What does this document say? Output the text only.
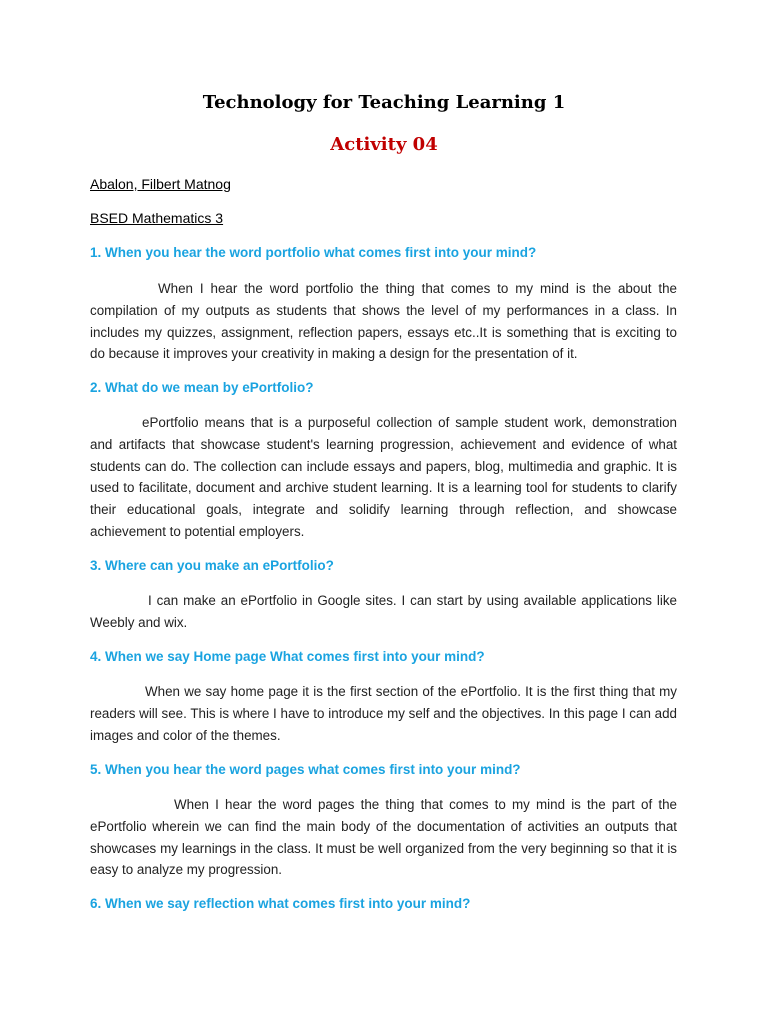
Technology for Teaching Learning 1
Activity 04

Abalon, Filbert Matnog

BSED Mathematics 3

1. When you hear the word portfolio what comes first into your mind?

When I hear the word portfolio the thing that comes to my mind is the about the compilation of my outputs as students that shows the level of my performances in a class. In includes my quizzes, assignment, reflection papers, essays etc..It is something that is exciting to do because it improves your creativity in making a design for the presentation of it.

2. What do we mean by ePortfolio?

ePortfolio means that is a purposeful collection of sample student work, demonstration and artifacts that showcase student's learning progression, achievement and evidence of what students can do. The collection can include essays and papers, blog, multimedia and graphic. It is used to facilitate, document and archive student learning. It is a learning tool for students to clarify their educational goals, integrate and solidify learning through reflection, and showcase achievement to potential employers.

3. Where can you make an ePortfolio?

I can make an ePortfolio in Google sites. I can start by using available applications like Weebly and wix.

4. When we say Home page What comes first into your mind?

When we say home page it is the first section of the ePortfolio. It is the first thing that my readers will see. This is where I have to introduce my self and the objectives. In this page I can add images and color of the themes.

5. When you hear the word pages what comes first into your mind?

When I hear the word pages the thing that comes to my mind is the part of the ePortfolio wherein we can find the main body of the documentation of activities an outputs that showcases my learnings in the class. It must be well organized from the very beginning so that it is easy to analyze my progression.

6. When we say reflection what comes first into your mind?
